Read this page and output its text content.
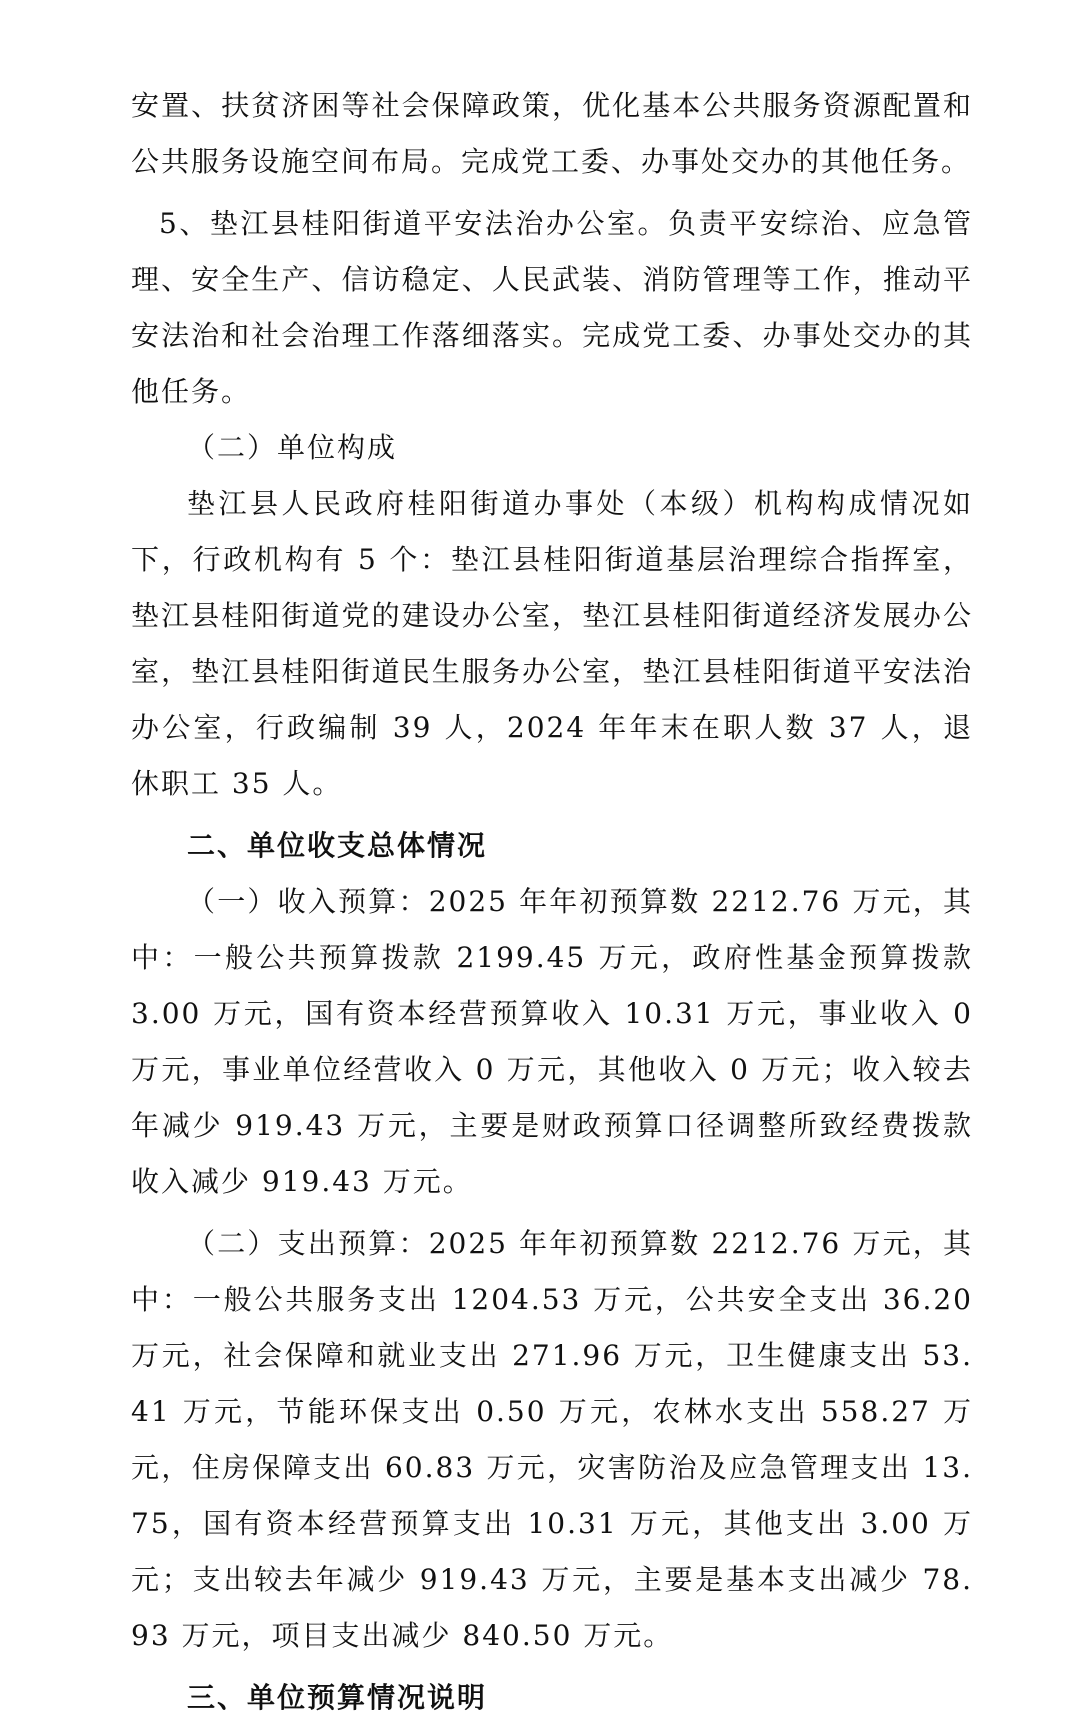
安置、扶贫济困等社会保障政策，优化基本公共服务资源配置和公共服务设施空间布局。完成党工委、办事处交办的其他任务。

5、垫江县桂阳街道平安法治办公室。负责平安综治、应急管理、安全生产、信访稳定、人民武装、消防管理等工作，推动平安法治和社会治理工作落细落实。完成党工委、办事处交办的其他任务。

（二）单位构成

垫江县人民政府桂阳街道办事处（本级）机构构成情况如下，行政机构有 5 个：垫江县桂阳街道基层治理综合指挥室，垫江县桂阳街道党的建设办公室，垫江县桂阳街道经济发展办公室，垫江县桂阳街道民生服务办公室，垫江县桂阳街道平安法治办公室，行政编制 39 人，2024 年年末在职人数 37 人，退休职工 35 人。

二、单位收支总体情况

（一）收入预算：2025 年年初预算数 2212.76 万元，其中：一般公共预算拨款 2199.45 万元，政府性基金预算拨款 3.00 万元，国有资本经营预算收入 10.31 万元，事业收入 0 万元，事业单位经营收入 0 万元，其他收入 0 万元；收入较去年减少 919.43 万元，主要是财政预算口径调整所致经费拨款收入减少 919.43 万元。

（二）支出预算：2025 年年初预算数 2212.76 万元，其中：一般公共服务支出 1204.53 万元，公共安全支出 36.20 万元，社会保障和就业支出 271.96 万元，卫生健康支出 53.41 万元，节能环保支出 0.50 万元，农林水支出 558.27 万元，住房保障支出 60.83 万元，灾害防治及应急管理支出 13.75，国有资本经营预算支出 10.31 万元，其他支出 3.00 万元；支出较去年减少 919.43 万元，主要是基本支出减少 78.93 万元，项目支出减少 840.50 万元。

三、单位预算情况说明
